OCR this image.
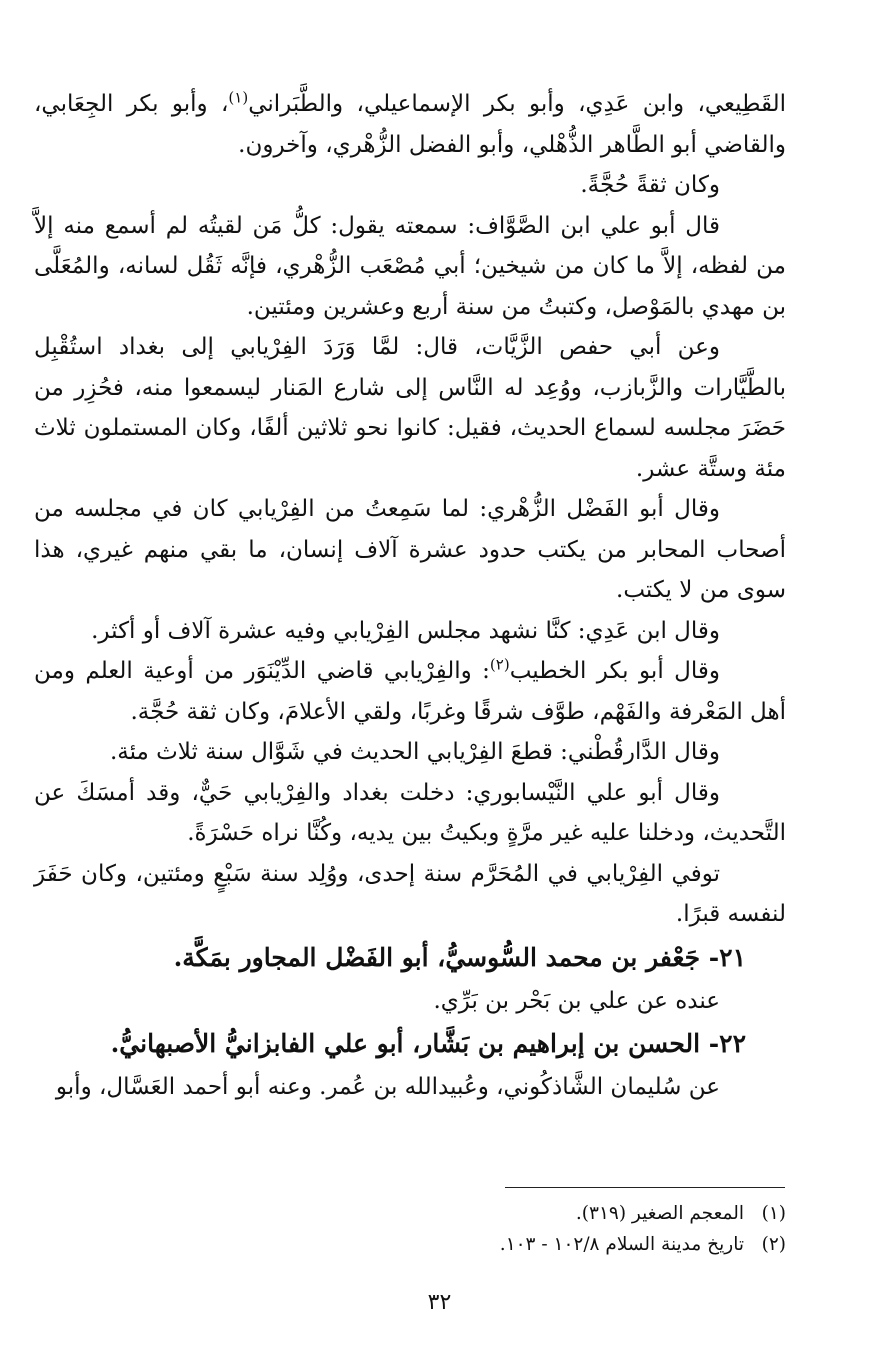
القَطِيعي، وابن عَدِي، وأبو بكر الإسماعيلي، والطَّبَراني$^{(١)}$، وأبو بكر الجِعَابي، والقاضي أبو الطَّاهر الذُّهْلي، وأبو الفضل الزُّهْري، وآخرون.

وكان ثقةً حُجَّةً.

قال أبو علي ابن الصَّوَّاف: سمعته يقول: كلُّ مَن لقيتُه لم أسمع منه إلاَّ من لفظه، إلاَّ ما كان من شيخين؛ أبي مُصْعَب الزُّهْري، فإنَّه ثَقُل لسانه، والمُعَلَّى بن مهدي بالمَوْصل، وكتبتُ من سنة أربع وعشرين ومئتين.

وعن أبي حفص الزَّيَّات، قال: لمَّا وَرَدَ الفِرْيابي إلى بغداد استُقْبِل بالطَّيَّارات والزَّبازب، ووُعِد له النَّاس إلى شارع المَنار ليسمعوا منه، فحُزِر من حَضَرَ مجلسه لسماع الحديث، فقيل: كانوا نحو ثلاثين ألفًا، وكان المستملون ثلاث مئة وستَّة عشر.

وقال أبو الفَضْل الزُّهْري: لما سَمِعتُ من الفِرْيابي كان في مجلسه من أصحاب المحابر من يكتب حدود عشرة آلاف إنسان، ما بقي منهم غيري، هذا سوى من لا يكتب.

وقال ابن عَدِي: كنَّا نشهد مجلس الفِرْيابي وفيه عشرة آلاف أو أكثر.

وقال أبو بكر الخطيب$^{(٢)}$: والفِرْيابي قاضي الدِّيْنَوَر من أوعية العلم ومن أهل المَعْرفة والفَهْم، طوَّف شرقًا وغربًا، ولقي الأعلامَ، وكان ثقة حُجَّة.

وقال الدَّارقُطْني: قطعَ الفِرْيابي الحديث في شَوَّال سنة ثلاث مئة.

وقال أبو علي النَّيْسابوري: دخلت بغداد والفِرْيابي حَيٌّ، وقد أمسَكَ عن التَّحديث، ودخلنا عليه غير مرَّةٍ وبكيتُ بين يديه، وكُنَّا نراه حَسْرَةً.

توفي الفِرْيابي في المُحَرَّم سنة إحدى، ووُلِد سنة سَبْعٍ ومئتين، وكان حَفَرَ لنفسه قبرًا.

٢١- جَعْفر بن محمد السُّوسيُّ، أبو الفَضْل المجاور بمَكَّة.

عنده عن علي بن بَحْر بن بَرِّي.

٢٢- الحسن بن إبراهيم بن بَشَّار، أبو علي الفابزانيُّ الأصبهانيُّ.

عن سُليمان الشَّاذكُوني، وعُبيدالله بن عُمر. وعنه أبو أحمد العَسَّال، وأبو

(١)المعجم الصغير (٣١٩).
(٢)تاريخ مدينة السلام ١٠٢/٨ - ١٠٣.
٣٢
